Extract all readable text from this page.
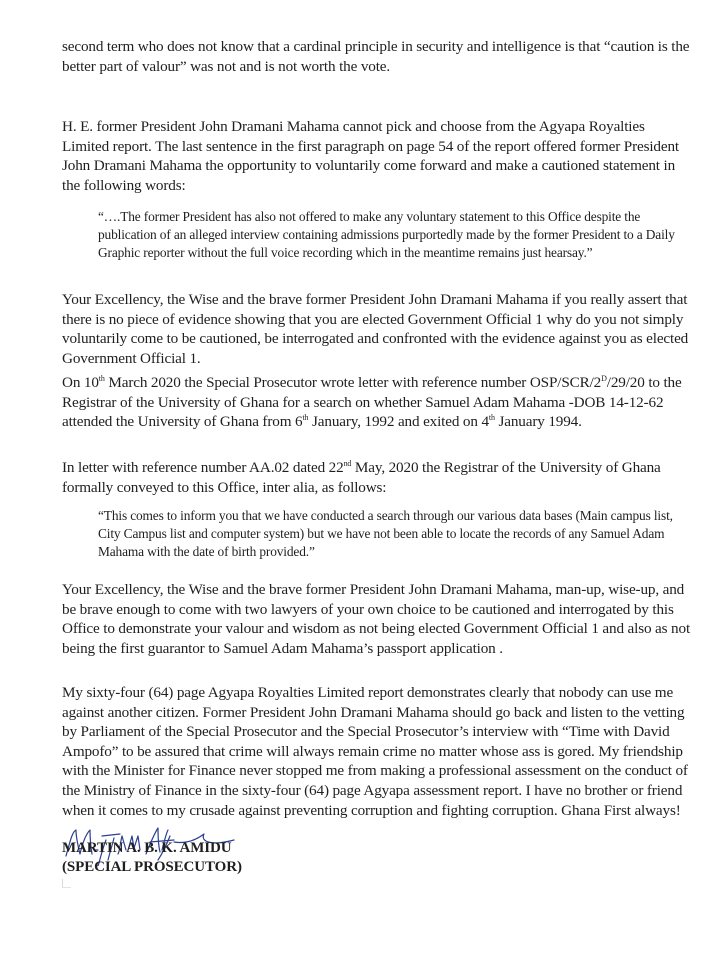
second term who does not know that a cardinal principle in security and intelligence is that “caution is the better part of valour” was not and is not worth the vote.

H. E. former President John Dramani Mahama cannot pick and choose from the Agyapa Royalties Limited report. The last sentence in the first paragraph on page 54 of the report offered former President John Dramani Mahama the opportunity to voluntarily come forward and make a cautioned statement in the following words:

“….The former President has also not offered to make any voluntary statement to this Office despite the publication of an alleged interview containing admissions purportedly made by the former President to a Daily Graphic reporter without the full voice recording which in the meantime remains just hearsay.”

Your Excellency, the Wise and the brave former President John Dramani Mahama if you really assert that there is no piece of evidence showing that you are elected Government Official 1 why do you not simply voluntarily come to be cautioned, be interrogated and confronted with the evidence against you as elected Government Official 1.

On 10th March 2020 the Special Prosecutor wrote letter with reference number OSP/$SCR/2^D/29/20$ to the Registrar of the University of Ghana for a search on whether Samuel Adam Mahama -DOB 14-12-62 attended the University of Ghana from 6th January, 1992 and exited on 4th January 1994.

In letter with reference number AA.02 dated 22nd May, 2020 the Registrar of the University of Ghana formally conveyed to this Office, inter alia, as follows:

“This comes to inform you that we have conducted a search through our various data bases (Main campus list, City Campus list and computer system) but we have not been able to locate the records of any Samuel Adam Mahama with the date of birth provided.”

Your Excellency, the Wise and the brave former President John Dramani Mahama, man-up, wise-up, and be brave enough to come with two lawyers of your own choice to be cautioned and interrogated by this Office to demonstrate your valour and wisdom as not being elected Government Official 1 and also as not being the first guarantor to Samuel Adam Mahama’s passport application .

My sixty-four (64) page Agyapa Royalties Limited report demonstrates clearly that nobody can use me against another citizen. Former President John Dramani Mahama should go back and listen to the vetting by Parliament of the Special Prosecutor and the Special Prosecutor’s interview with “Time with David Ampofo” to be assured that crime will always remain crime no matter whose ass is gored. My friendship with the Minister for Finance never stopped me from making a professional assessment on the conduct of the Ministry of Finance in the sixty-four (64) page Agyapa assessment report. I have no brother or friend when it comes to my crusade against preventing corruption and fighting corruption. Ghana First always!

MARTIN A. B. K. AMIDU
(SPECIAL PROSECUTOR)
